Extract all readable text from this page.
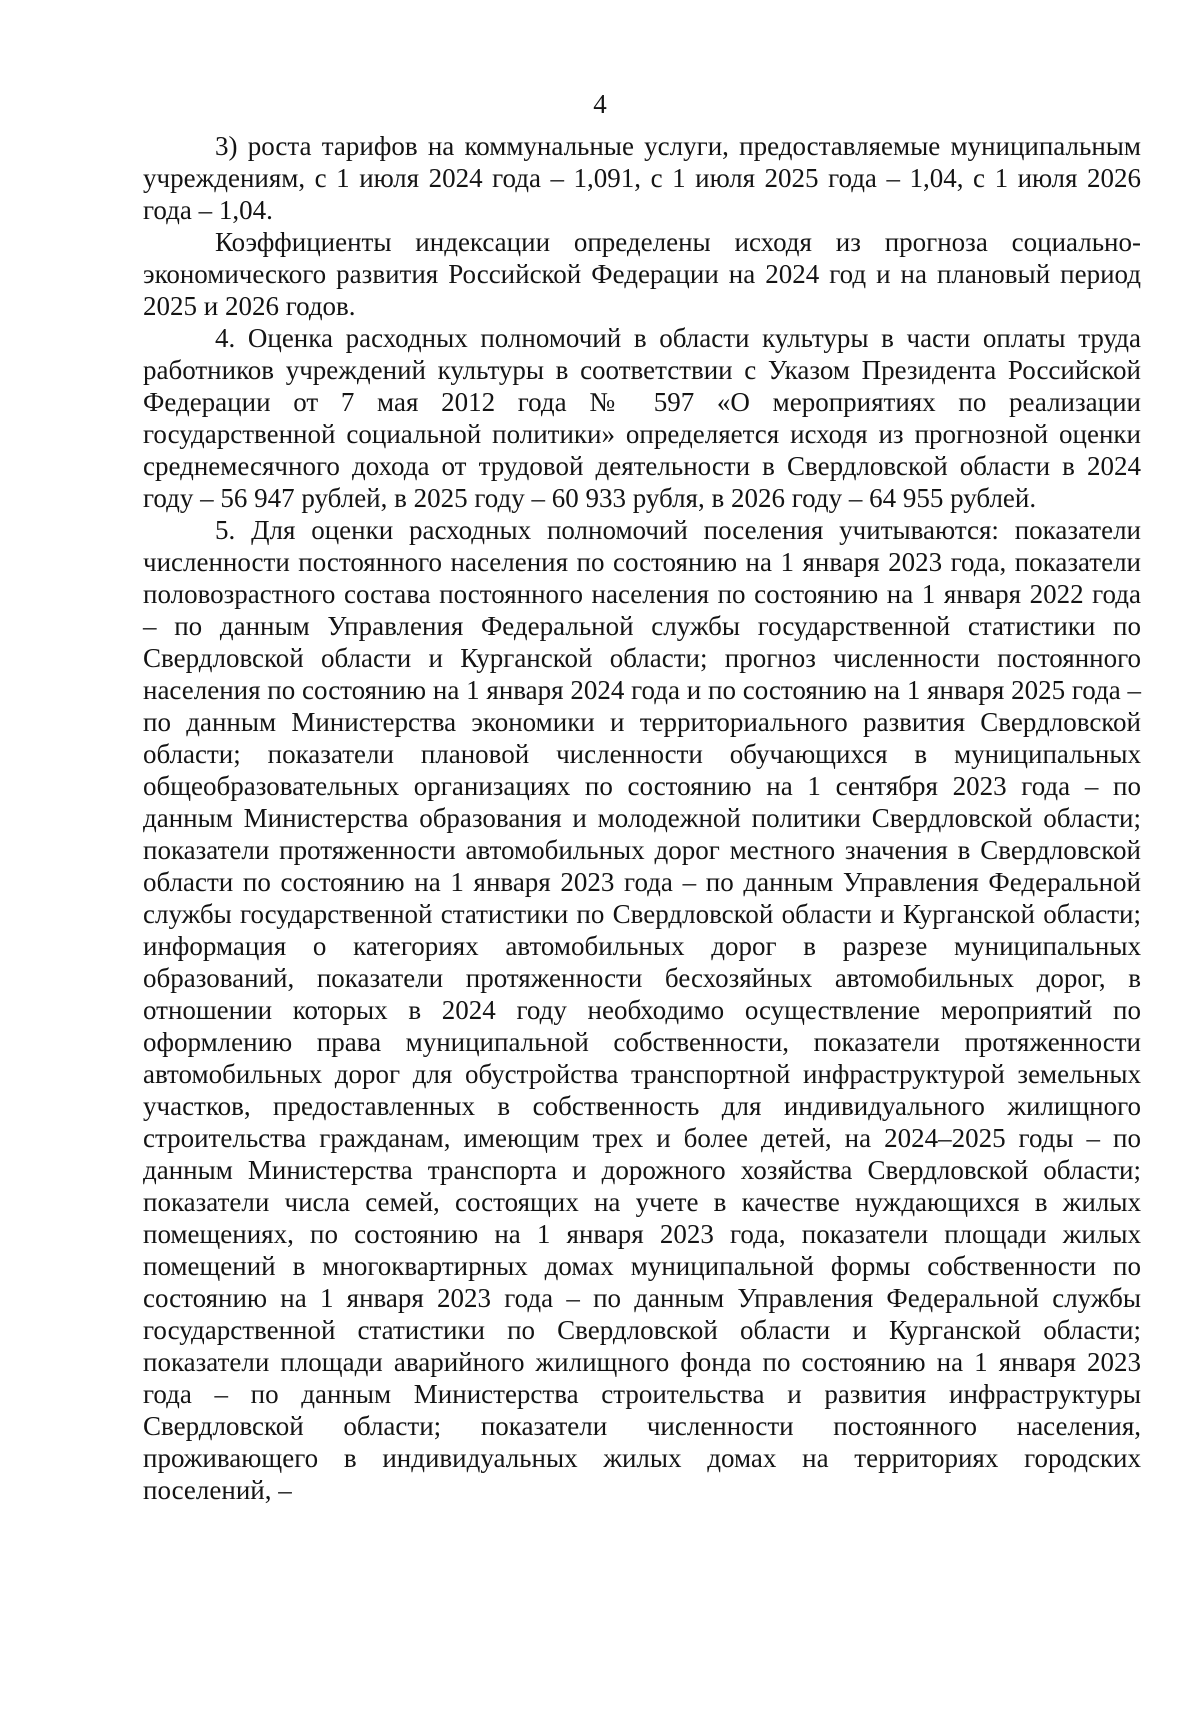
4

3) роста тарифов на коммунальные услуги, предоставляемые муниципальным учреждениям, с 1 июля 2024 года – 1,091, с 1 июля 2025 года – 1,04, с 1 июля 2026 года – 1,04.

Коэффициенты индексации определены исходя из прогноза социально-экономического развития Российской Федерации на 2024 год и на плановый период 2025 и 2026 годов.

4. Оценка расходных полномочий в области культуры в части оплаты труда работников учреждений культуры в соответствии с Указом Президента Российской Федерации от 7 мая 2012 года № 597 «О мероприятиях по реализации государственной социальной политики» определяется исходя из прогнозной оценки среднемесячного дохода от трудовой деятельности в Свердловской области в 2024 году – 56 947 рублей, в 2025 году – 60 933 рубля, в 2026 году – 64 955 рублей.

5. Для оценки расходных полномочий поселения учитываются: показатели численности постоянного населения по состоянию на 1 января 2023 года, показатели половозрастного состава постоянного населения по состоянию на 1 января 2022 года – по данным Управления Федеральной службы государственной статистики по Свердловской области и Курганской области; прогноз численности постоянного населения по состоянию на 1 января 2024 года и по состоянию на 1 января 2025 года – по данным Министерства экономики и территориального развития Свердловской области; показатели плановой численности обучающихся в муниципальных общеобразовательных организациях по состоянию на 1 сентября 2023 года – по данным Министерства образования и молодежной политики Свердловской области; показатели протяженности автомобильных дорог местного значения в Свердловской области по состоянию на 1 января 2023 года – по данным Управления Федеральной службы государственной статистики по Свердловской области и Курганской области; информация о категориях автомобильных дорог в разрезе муниципальных образований, показатели протяженности бесхозяйных автомобильных дорог, в отношении которых в 2024 году необходимо осуществление мероприятий по оформлению права муниципальной собственности, показатели протяженности автомобильных дорог для обустройства транспортной инфраструктурой земельных участков, предоставленных в собственность для индивидуального жилищного строительства гражданам, имеющим трех и более детей, на 2024–2025 годы – по данным Министерства транспорта и дорожного хозяйства Свердловской области; показатели числа семей, состоящих на учете в качестве нуждающихся в жилых помещениях, по состоянию на 1 января 2023 года, показатели площади жилых помещений в многоквартирных домах муниципальной формы собственности по состоянию на 1 января 2023 года – по данным Управления Федеральной службы государственной статистики по Свердловской области и Курганской области; показатели площади аварийного жилищного фонда по состоянию на 1 января 2023 года – по данным Министерства строительства и развития инфраструктуры Свердловской области; показатели численности постоянного населения, проживающего в индивидуальных жилых домах на территориях городских поселений, –
